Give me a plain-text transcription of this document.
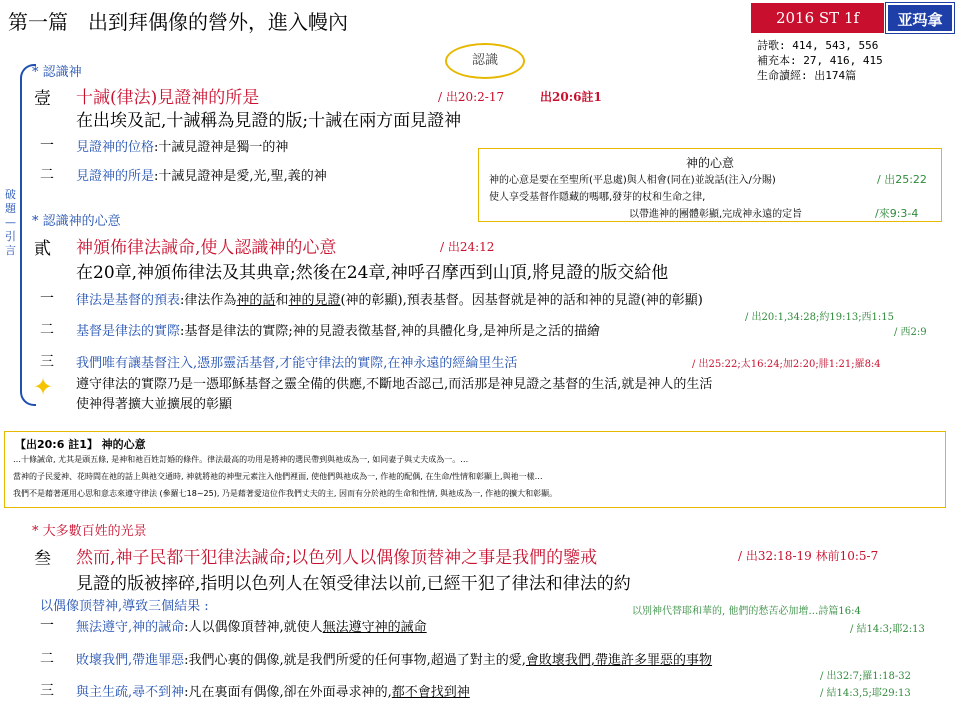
第一篇　出到拜偶像的營外，進入幔內	2016 ST 1f	亚玛拿
詩歌: 414, 543, 556
補充本: 27, 416, 415
生命讀經: 出174篇
認識
破題—引言
* 認識神
壹 十誡(律法)見證神的所是	/ 出20:2-17	出20:6註1
在出埃及記,十誡稱為見證的版;十誡在兩方面見證神
一 見證神的位格:十誡見證神是獨一的神
二 見證神的所是:十誡見證神是愛,光,聖,義的神
神的心意
神的心意是要在至聖所(平息處)與人相會(同在)並說話(注入/分賜)	/ 出25:22
使人享受基督作隱藏的嗎哪,發芽的杖和生命之律,
以帶進神的團體彰顯,完成神永遠的定旨	/來9:3-4
* 認識神的心意
貳 神頒佈律法誡命,使人認識神的心意	/ 出24:12
在20章,神頒佈律法及其典章;然後在24章,神呼召摩西到山頂,將見證的版交給他
一 律法是基督的預表:律法作為神的話和神的見證(神的彰顯),預表基督。因基督就是神的話和神的見證(神的彰顯)
/ 出20:1,34:28;約19:13;西1:15
二 基督是律法的實際:基督是律法的實際;神的見證表徵基督,神的具體化身,是神所是之活的描繪	/ 西2:9
三 我們唯有讓基督注入,憑那靈活基督,才能守律法的實際,在神永遠的經綸里生活	/ 出25:22;太16:24;加2:20;腓1:21;羅8:4
✦ 遵守律法的實際乃是一憑耶穌基督之靈全備的供應,不斷地否認己,而活那是神見證之基督的生活,就是神人的生活
使神得著擴大並擴展的彰顯
【出20:6 註1】 神的心意
…十條誡命, 尤其是頭五條, 是神和祂百姓訂婚的條件。律法最高的功用是將神的選民帶到與祂成為一, 如同妻子與丈夫成為一。…
當神的子民愛神、花時間在祂的話上與祂交通時, 神就將祂的神聖元素注入他們裡面, 使他們與祂成為一, 作祂的配偶, 在生命/性情和彰顯上,與祂一樣…
我們不是藉著運用心思和意志來遵守律法 (參羅七18~25), 乃是藉著愛這位作我們丈夫的主, 因而有分於祂的生命和性情, 與祂成為一, 作祂的擴大和彰顯。
* 大多數百姓的光景
叁 然而,神子民都干犯律法誡命;以色列人以偶像顶替神之事是我們的鑒戒	/ 出32:18-19 林前10:5-7
見證的版被摔碎,指明以色列人在領受律法以前,已經干犯了律法和律法的約
以偶像顶替神,導致三個結果 :	以別神代替耶和華的, 他們的愁苦必加增…詩篇16:4
一 無法遵守,神的誡命:人以偶像頂替神,就使人無法遵守神的誡命	/ 結14:3;耶2:13
二 敗壞我們,帶進罪惡:我們心裏的偶像,就是我們所愛的任何事物,超過了對主的愛,會敗壞我們,帶進許多罪惡的事物
/ 出32:7;羅1:18-32
三 與主生疏,尋不到神:凡在裏面有偶像,卻在外面尋求神的,都不會找到神	/ 結14:3,5;耶29:13
